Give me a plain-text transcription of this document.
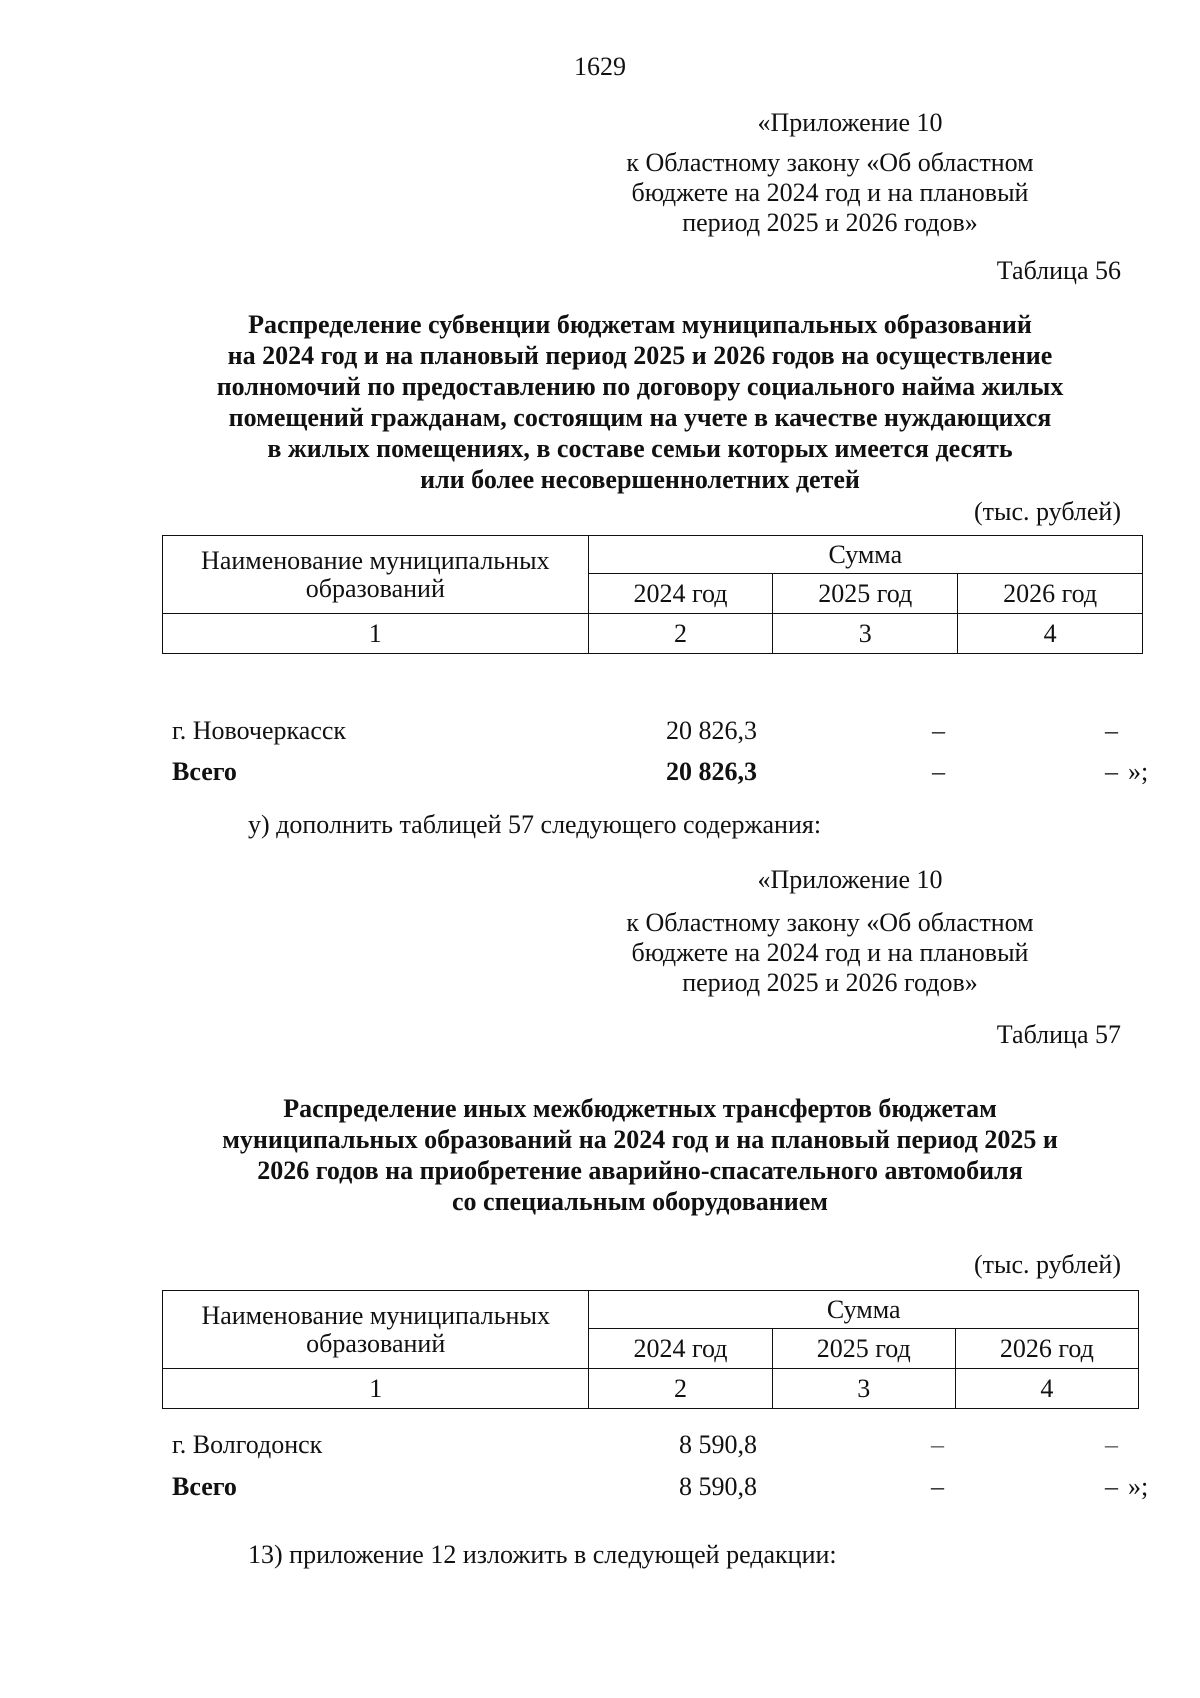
1629
«Приложение 10
к Областному закону «Об областном
бюджете на 2024 год и на плановый
период 2025 и 2026 годов»
Таблица 56
Распределение субвенции бюджетам муниципальных образований
на 2024 год и на плановый период 2025 и 2026 годов на осуществление
полномочий по предоставлению по договору социального найма жилых
помещений гражданам, состоящим на учете в качестве нуждающихся
в жилых помещениях, в составе семьи которых имеется десять
или более несовершеннолетних детей
(тыс. рублей)
Наименование муниципальных
образований	Сумма		
	2024 год	2025 год	2026 год
1	2	3	4
г. Новочеркасск	20 826,3	–	–
Всего	20 826,3	–	– »;
у) дополнить таблицей 57 следующего содержания:
«Приложение 10
к Областному закону «Об областном
бюджете на 2024 год и на плановый
период 2025 и 2026 годов»
Таблица 57
Распределение иных межбюджетных трансфертов бюджетам
муниципальных образований на 2024 год и на плановый период 2025 и
2026 годов на приобретение аварийно-спасательного автомобиля
со специальным оборудованием
(тыс. рублей)
Наименование муниципальных
образований	Сумма		
	2024 год	2025 год	2026 год
1	2	3	4
г. Волгодонск	8 590,8	–	–
Всего	8 590,8	–	– »;
13) приложение 12 изложить в следующей редакции:
